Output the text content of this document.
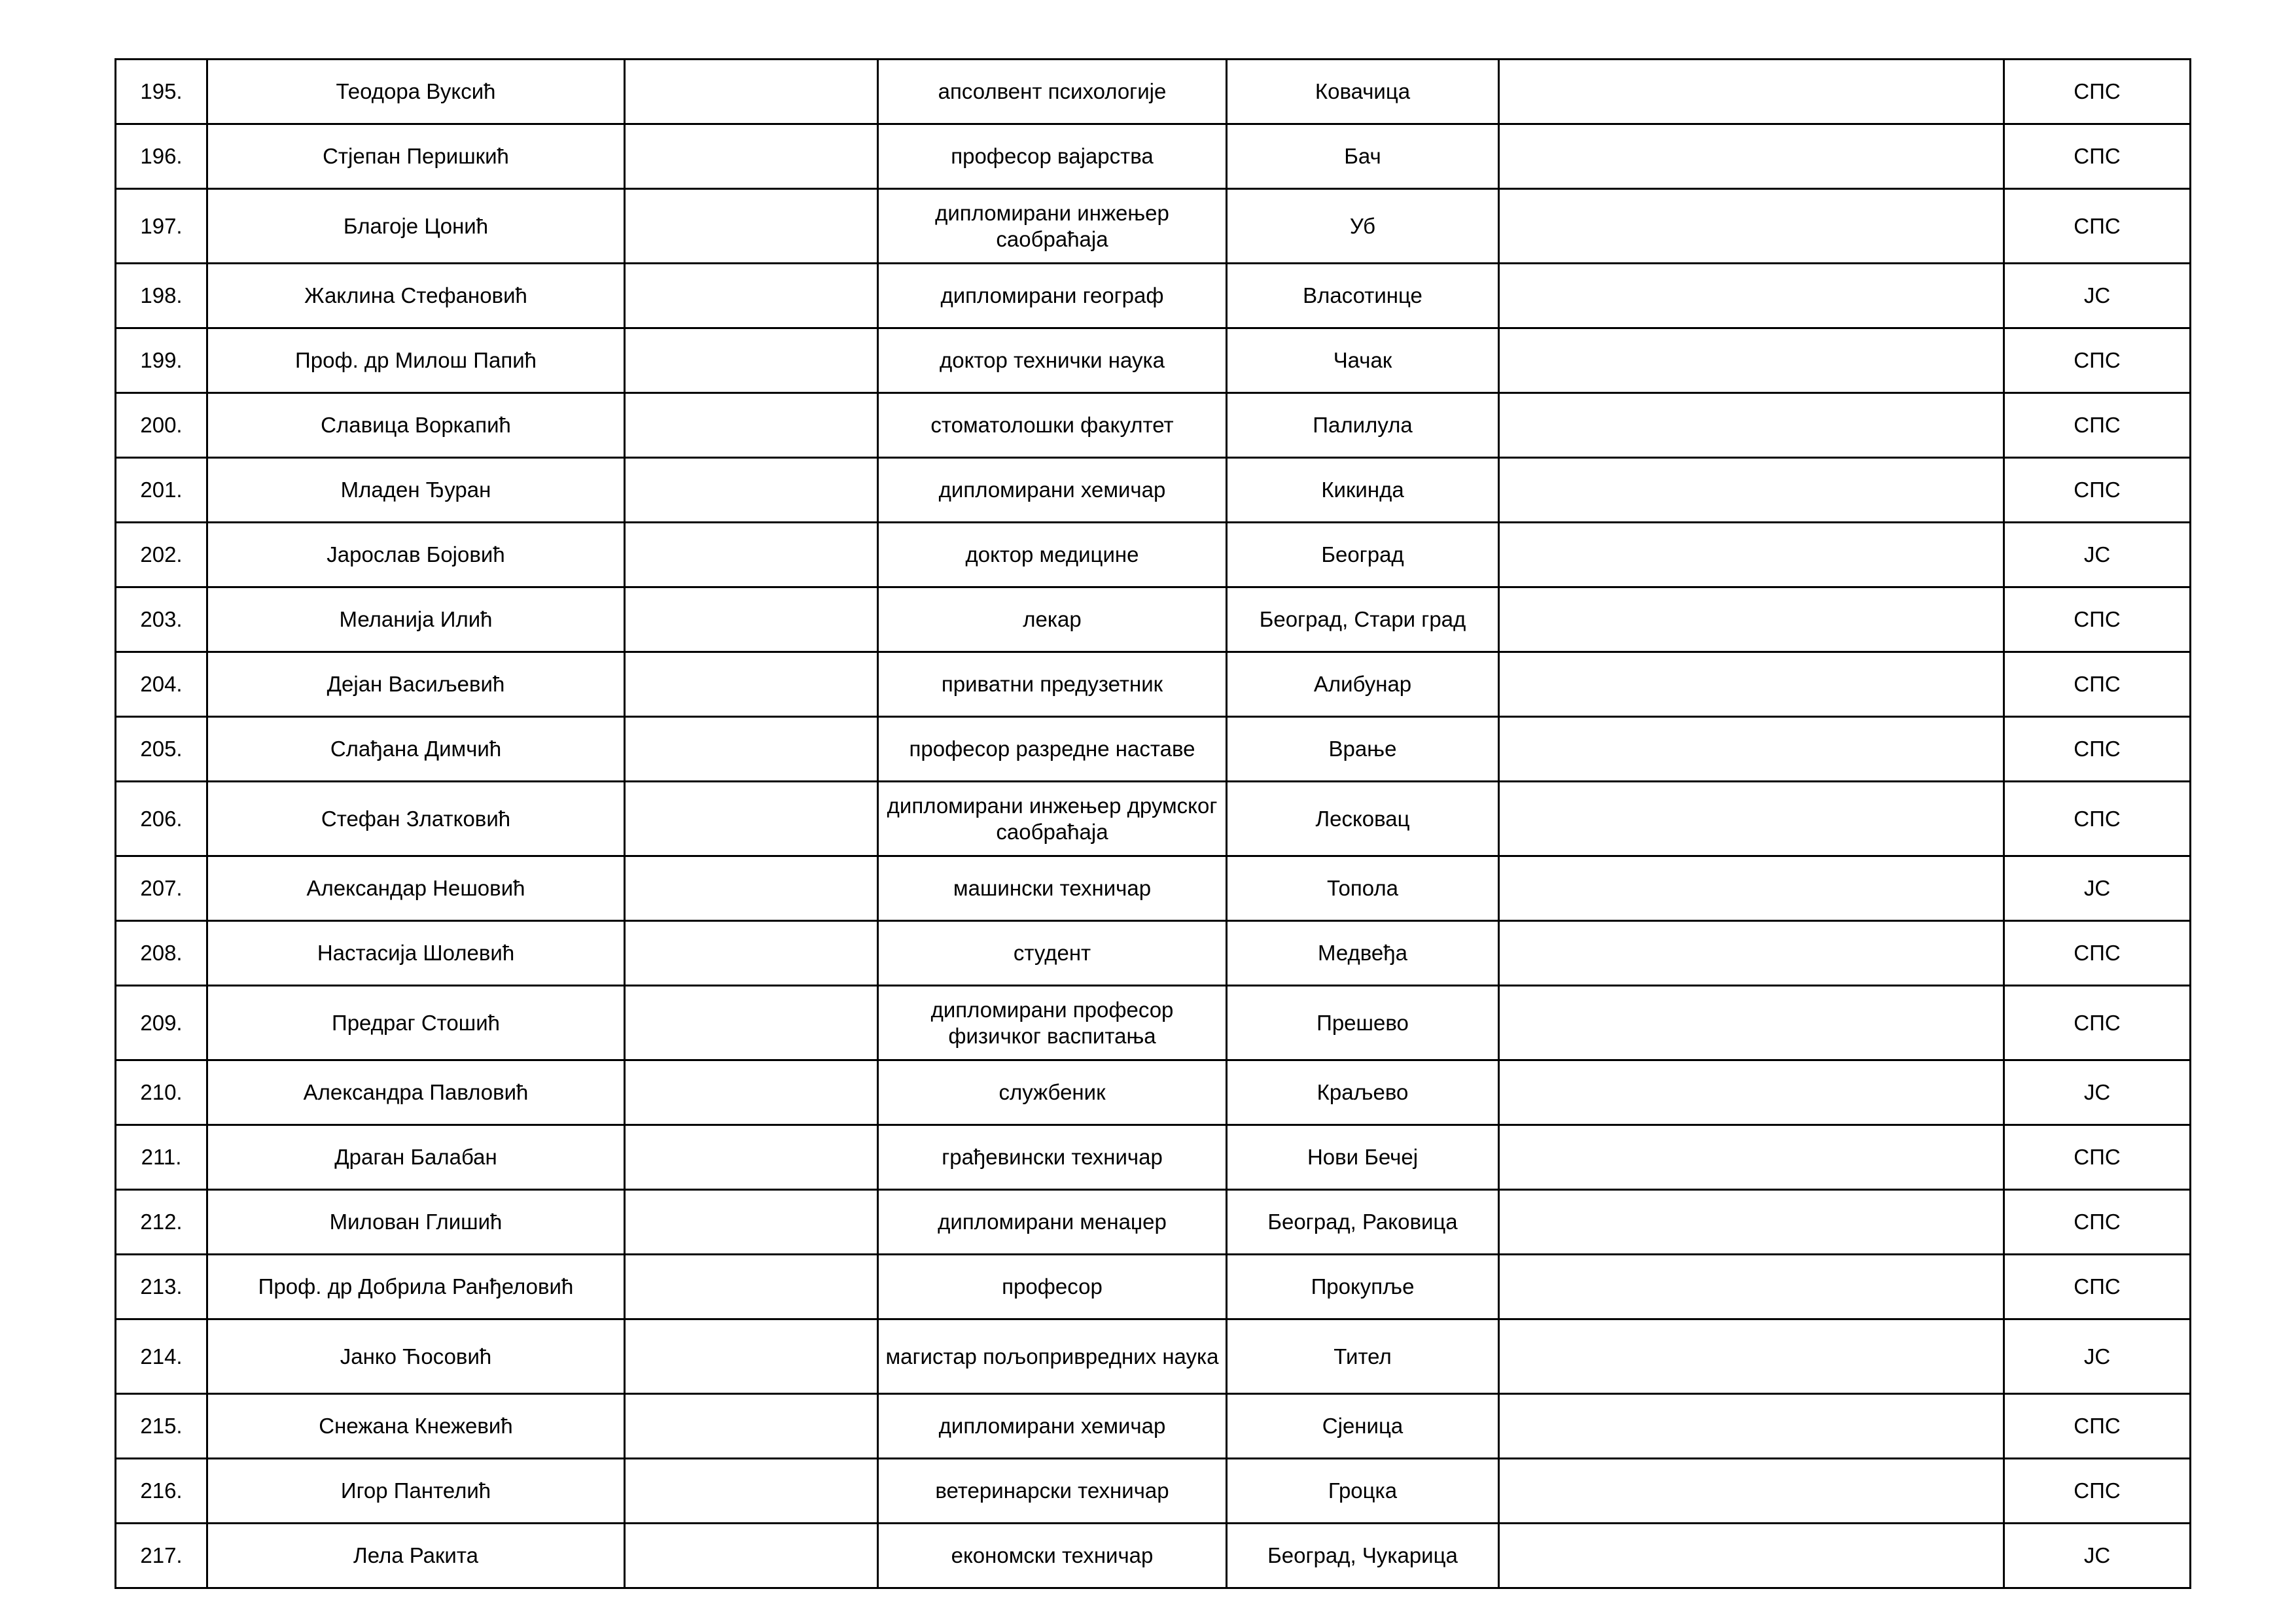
195.	Теодора Вуксић		апсолвент психологије	Ковачица		СПС
196.	Стјепан Перишкић		професор вајарства	Бач		СПС
197.	Благоје Цонић		дипломирани инжењер саобраћаја	Уб		СПС
198.	Жаклина Стефановић		дипломирани географ	Власотинце		ЈС
199.	Проф. др Милош Папић		доктор технички наука	Чачак		СПС
200.	Славица Воркапић		стоматолошки факултет	Палилула		СПС
201.	Младен Ђуран		дипломирани хемичар	Кикинда		СПС
202.	Јарослав Бојовић		доктор медицине	Београд		ЈС
203.	Меланија Илић		лекар	Београд, Стари град		СПС
204.	Дејан Васиљевић		приватни предузетник	Алибунар		СПС
205.	Слађана Димчић		професор разредне наставе	Врање		СПС
206.	Стефан Златковић		дипломирани инжењер друмског саобраћаја	Лесковац		СПС
207.	Александар Нешовић		машински техничар	Топола		ЈС
208.	Настасија Шолевић		студент	Медвеђа		СПС
209.	Предраг Стошић		дипломирани професор физичког васпитања	Прешево		СПС
210.	Александра Павловић		службеник	Краљево		ЈС
211.	Драган Балабан		грађевински техничар	Нови Бечеј		СПС
212.	Милован Глишић		дипломирани менаџер	Београд, Раковица		СПС
213.	Проф. др Добрила Ранђеловић		професор	Прокупље		СПС
214.	Јанко Ћосовић		магистар пољопривредних наука	Тител		ЈС
215.	Снежана Кнежевић		дипломирани хемичар	Сјеница		СПС
216.	Игор Пантелић		ветеринарски техничар	Гроцка		СПС
217.	Лела Ракита		економски техничар	Београд, Чукарица		ЈС
